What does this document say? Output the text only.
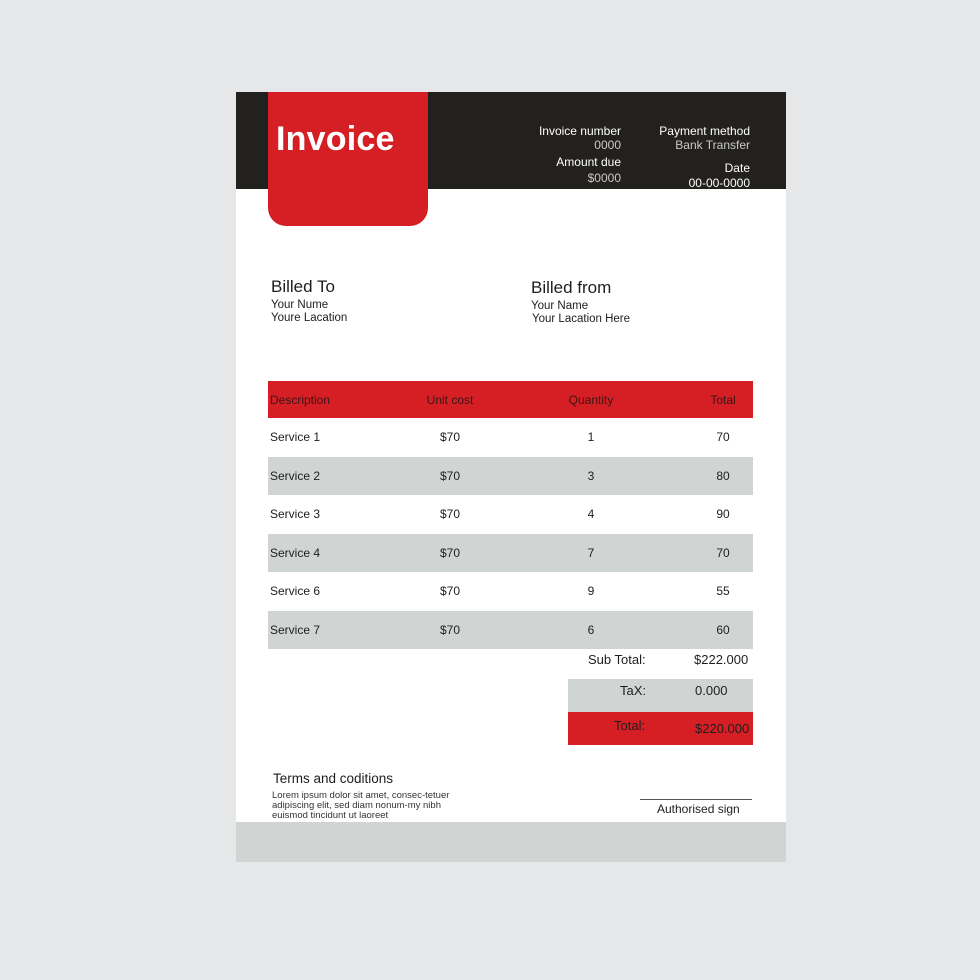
Invoice	Invoice number
0000
Amount due
$0000
Payment method
Bank Transfer
Date
00-00-0000
Billed To
Your Nume
Youre Lacation
Billed from
Your Name
Your Lacation Here
Description	Unit cost	Quantity	Total
Service 1	$70	1	70
Service 2	$70	3	80
Service 3	$70	4	90
Service 4	$70	7	70
Service 6	$70	9	55
Service 7	$70	6	60
Sub Total:	$222.000
TaX:	0.000
Total:	$220.000
Terms and coditions
Lorem ipsum dolor sit amet, consec-tetuer adipiscing elit, sed diam nonum-my nibh euismod tincidunt ut laoreet	Authorised sign
